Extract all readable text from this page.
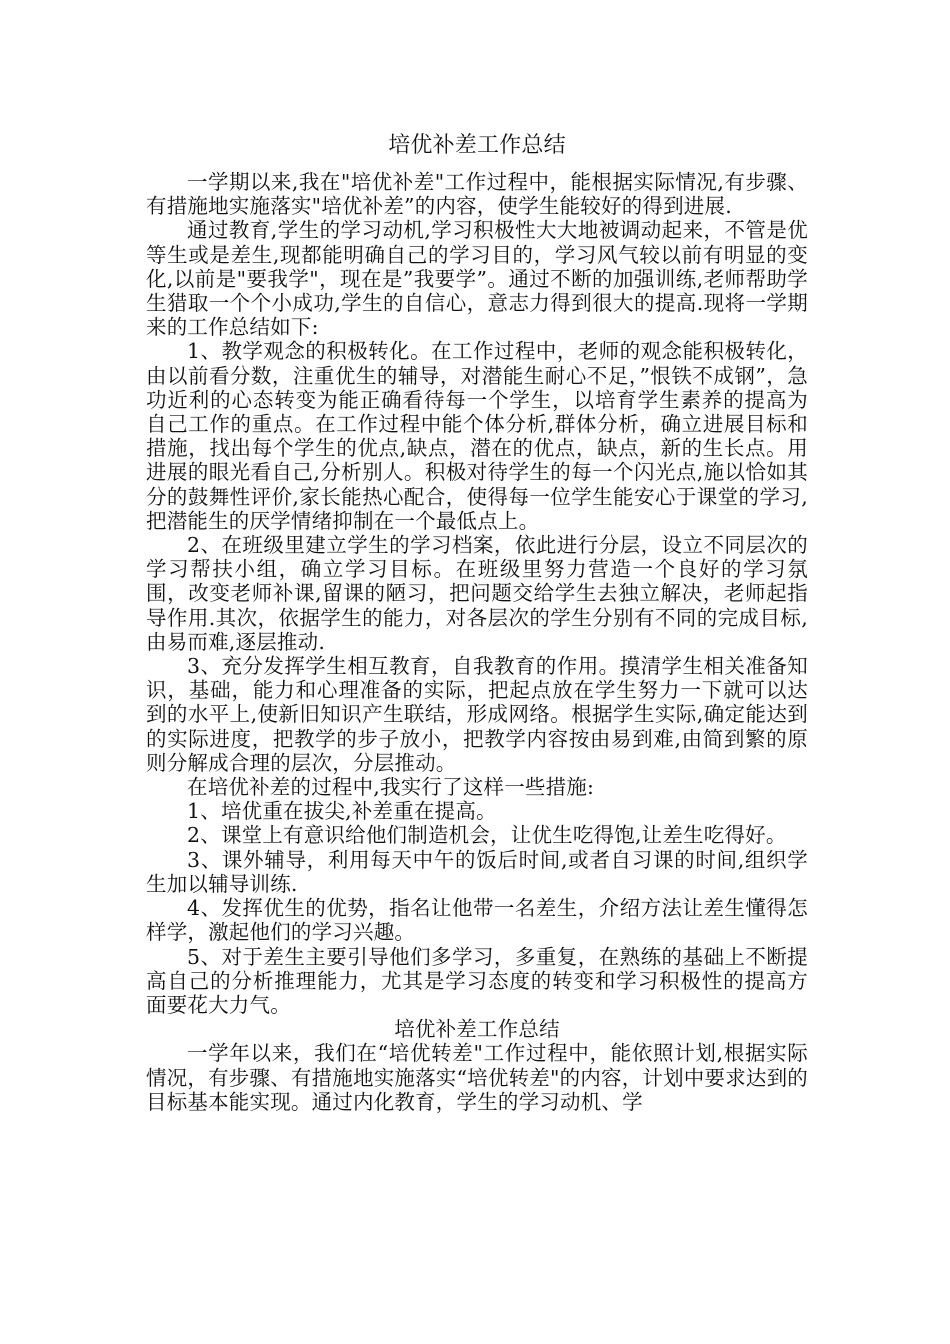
培优补差工作总结

一学期以来,我在"培优补差"工作过程中，能根据实际情况,有步骤、有措施地实施落实"培优补差”的内容，使学生能较好的得到进展.

通过教育,学生的学习动机,学习积极性大大地被调动起来，不管是优等生或是差生,现都能明确自己的学习目的，学习风气较以前有明显的变化,以前是"要我学"，现在是”我要学”。通过不断的加强训练,老师帮助学生猎取一个个小成功,学生的自信心，意志力得到很大的提高.现将一学期来的工作总结如下:

1、教学观念的积极转化。在工作过程中，老师的观念能积极转化，由以前看分数，注重优生的辅导，对潜能生耐心不足，”恨铁不成钢”，急功近利的心态转变为能正确看待每一个学生，以培育学生素养的提高为自己工作的重点。在工作过程中能个体分析,群体分析，确立进展目标和措施，找出每个学生的优点,缺点，潜在的优点，缺点，新的生长点。用进展的眼光看自己,分析别人。积极对待学生的每一个闪光点,施以恰如其分的鼓舞性评价,家长能热心配合，使得每一位学生能安心于课堂的学习,把潜能生的厌学情绪抑制在一个最低点上。

2、在班级里建立学生的学习档案，依此进行分层，设立不同层次的学习帮扶小组，确立学习目标。在班级里努力营造一个良好的学习氛围，改变老师补课,留课的陋习，把问题交给学生去独立解决，老师起指导作用.其次，依据学生的能力，对各层次的学生分别有不同的完成目标,由易而难,逐层推动.

3、充分发挥学生相互教育，自我教育的作用。摸清学生相关准备知识，基础，能力和心理准备的实际，把起点放在学生努力一下就可以达到的水平上,使新旧知识产生联结，形成网络。根据学生实际,确定能达到的实际进度，把教学的步子放小，把教学内容按由易到难,由简到繁的原则分解成合理的层次，分层推动。

在培优补差的过程中,我实行了这样一些措施:

1、培优重在拔尖,补差重在提高。

2、课堂上有意识给他们制造机会，让优生吃得饱,让差生吃得好。

3、课外辅导，利用每天中午的饭后时间,或者自习课的时间,组织学生加以辅导训练.

4、发挥优生的优势，指名让他带一名差生，介绍方法让差生懂得怎样学，激起他们的学习兴趣。

5、对于差生主要引导他们多学习，多重复，在熟练的基础上不断提高自己的分析推理能力，尤其是学习态度的转变和学习积极性的提高方面要花大力气。

培优补差工作总结

一学年以来，我们在“培优转差"工作过程中，能依照计划,根据实际情况，有步骤、有措施地实施落实“培优转差"的内容，计划中要求达到的目标基本能实现。通过内化教育，学生的学习动机、学
